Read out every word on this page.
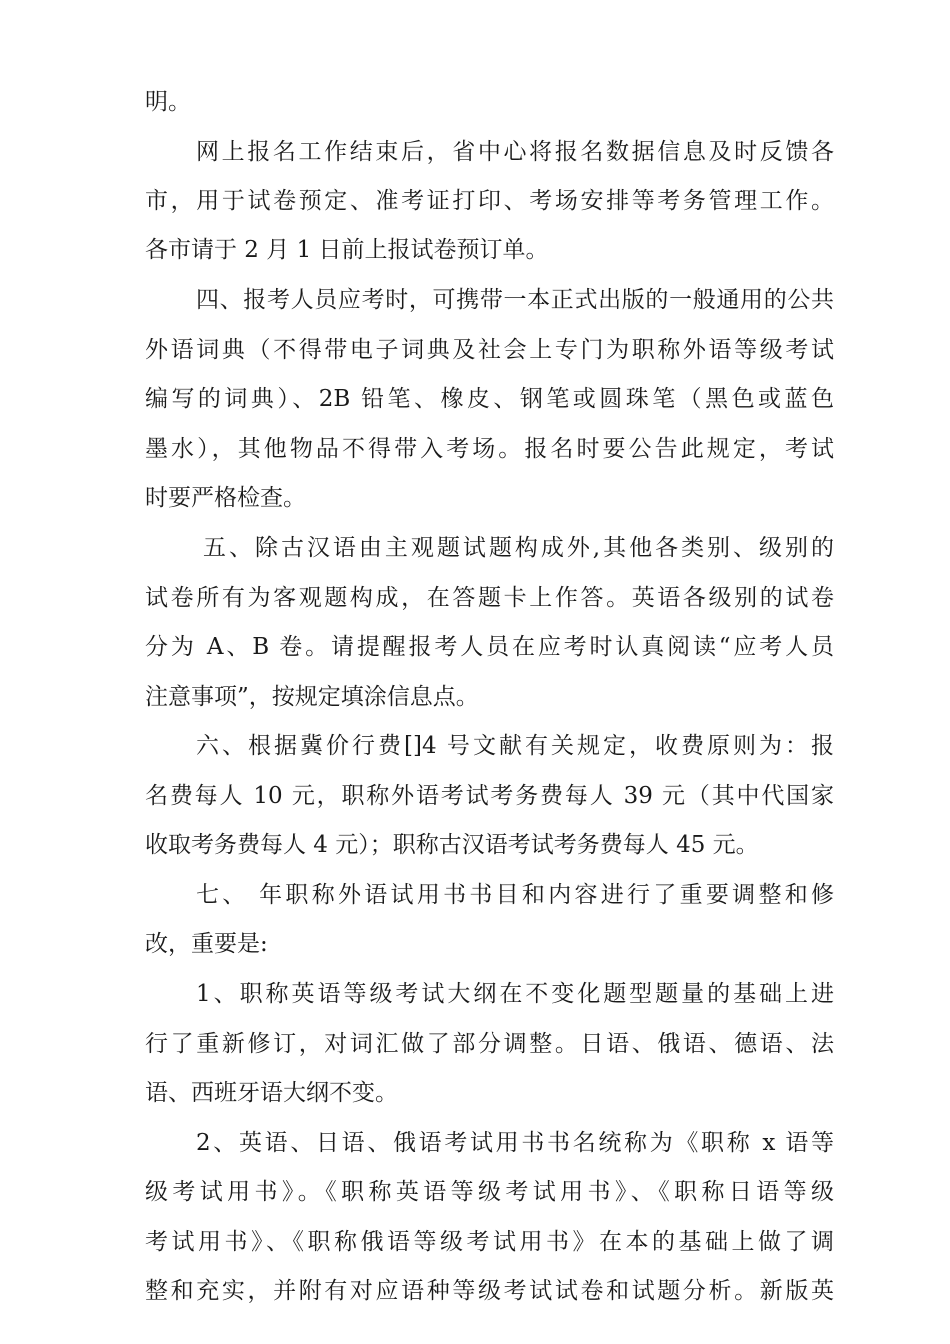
明。
网上报名工作结束后，省中心将报名数据信息及时反馈各
市，用于试卷预定、准考证打印、考场安排等考务管理工作。
各市请于 2 月 1 日前上报试卷预订单。
四、报考人员应考时，可携带一本正式出版的一般通用的公共
外语词典（不得带电子词典及社会上专门为职称外语等级考试
编写的词典）、2B 铅笔、橡皮、钢笔或圆珠笔（黑色或蓝色
墨水），其他物品不得带入考场。报名时要公告此规定，考试
时要严格检查。
五、除古汉语由主观题试题构成外,其他各类别、级别的
试卷所有为客观题构成，在答题卡上作答。英语各级别的试卷
分为 A、B 卷。请提醒报考人员在应考时认真阅读“应考人员
注意事项”，按规定填涂信息点。
六、根据冀价行费[]4 号文献有关规定，收费原则为：报
名费每人 10 元，职称外语考试考务费每人 39 元（其中代国家
收取考务费每人 4 元）；职称古汉语考试考务费每人 45 元。
七、 年职称外语试用书书目和内容进行了重要调整和修
改，重要是:
1、职称英语等级考试大纲在不变化题型题量的基础上进
行了重新修订，对词汇做了部分调整。日语、俄语、德语、法
语、西班牙语大纲不变。
2、英语、日语、俄语考试用书书名统称为《职称 x 语等
级考试用书》。《职称英语等级考试用书》、《职称日语等级
考试用书》、《职称俄语等级考试用书》在本的基础上做了调
整和充实，并附有对应语种等级考试试卷和试题分析。新版英
